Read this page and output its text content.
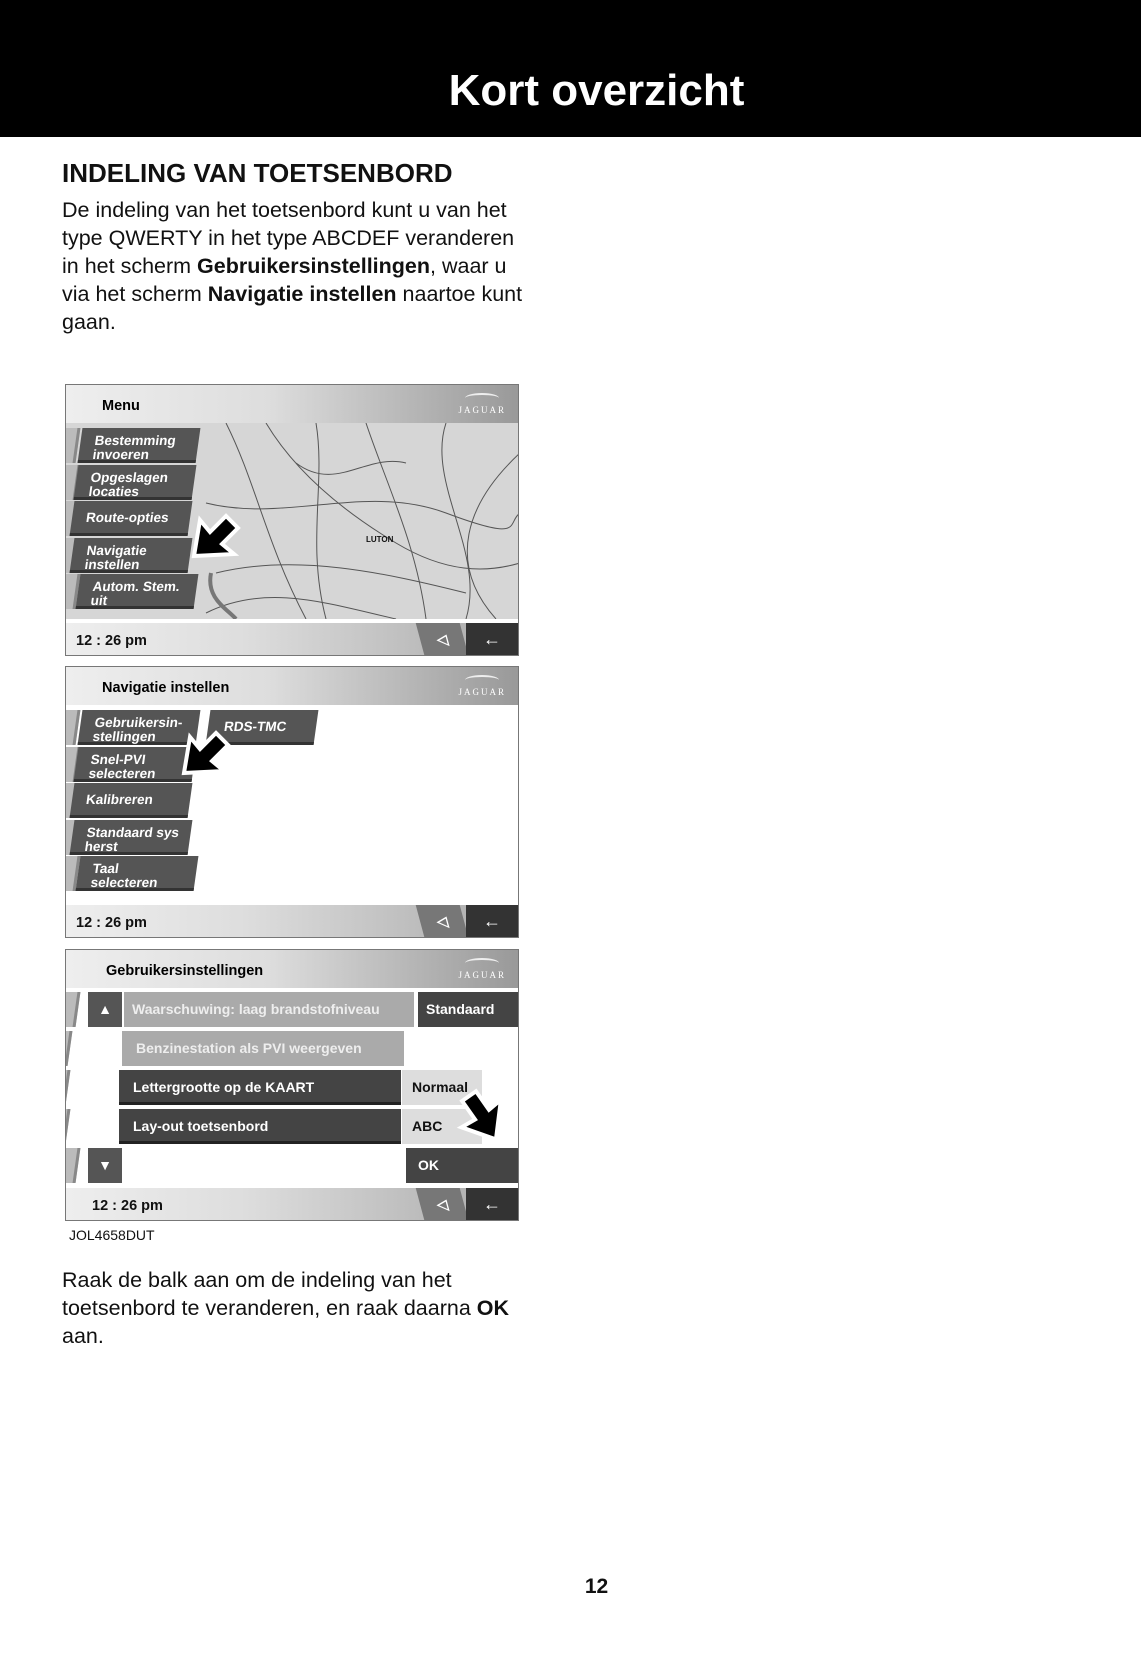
Kort overzicht
INDELING VAN TOETSENBORD

De indeling van het toetsenbord kunt u van het type QWERTY in het type ABCDEF veranderen in het scherm Gebruikersinstellingen, waar u via het scherm Navigatie instellen naartoe kunt gaan.

LUTON
Menu	JAGUAR
Bestemming invoeren
Opgeslagen locaties
Route-opties
Navigatie instellen
Autom. Stem. uit
12 : 26 pm	◁	←
Navigatie instellen	JAGUAR
Gebruikersin- stellingen
Snel-PVI selecteren
Kalibreren
Standaard sys herst
Taal selecteren
RDS-TMC
12 : 26 pm	◁	←
Gebruikersinstellingen	JAGUAR
▲
▼
Waarschuwing: laag brandstofniveau	Standaard
Benzinestation als PVI weergeven
Lettergrootte op de KAART	Normaal
Lay-out toetsenbord	ABC
OK
12 : 26 pm	◁	←
JOL4658DUT

Raak de balk aan om de indeling van het toetsenbord te veranderen, en raak daarna OK aan.

12
